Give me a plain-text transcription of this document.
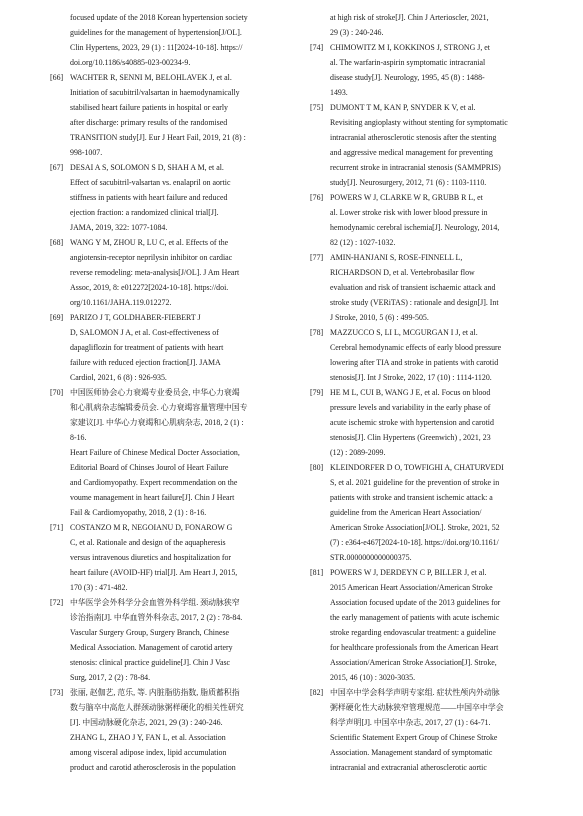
focused update of the 2018 Korean hypertension society
guidelines for the management of hypertension[J/OL].
Clin Hypertens, 2023, 29 (1) : 11[2024-10-18]. https://
doi.org/10.1186/s40885-023-00234-9.
[66] WACHTER R, SENNI M, BELOHLAVEK J, et al.
Initiation of sacubitril/valsartan in haemodynamically
stabilised heart failure patients in hospital or early
after discharge: primary results of the randomised
TRANSITION study[J]. Eur J Heart Fail, 2019, 21 (8) :
998-1007.
[67] DESAI A S, SOLOMON S D, SHAH A M, et al.
Effect of sacubitril-valsartan vs. enalapril on aortic
stiffness in patients with heart failure and reduced
ejection fraction: a randomized clinical trial[J].
JAMA, 2019, 322: 1077-1084.
[68] WANG Y M, ZHOU R, LU C, et al. Effects of the
angiotensin-receptor neprilysin inhibitor on cardiac
reverse remodeling: meta-analysis[J/OL]. J Am Heart
Assoc, 2019, 8: e012272[2024-10-18]. https://doi.
org/10.1161/JAHA.119.012272.
[69] PARIZO J T, GOLDHABER-FIEBERT J
D, SALOMON J A, et al. Cost-effectiveness of
dapagliflozin for treatment of patients with heart
failure with reduced ejection fraction[J]. JAMA
Cardiol, 2021, 6 (8) : 926-935.
[70] 中国医师协会心力衰竭专业委员会, 中华心力衰竭
和心肌病杂志编辑委员会. 心力衰竭容量管理中国专
家建议[J]. 中华心力衰竭和心肌病杂志, 2018, 2 (1) :
8-16.
Heart Failure of Chinese Medical Docter Association,
Editorial Board of Chinses Jourol of Heart Failure
and Cardiomyopathy. Expert recommendation on the
voume management in heart failure[J]. Chin J Heart
Fail & Cardiomyopathy, 2018, 2 (1) : 8-16.
[71] COSTANZO M R, NEGOIANU D, FONAROW G
C, et al. Rationale and design of the aquapheresis
versus intravenous diuretics and hospitalization for
heart failure (AVOID-HF) trial[J]. Am Heart J, 2015,
170 (3) : 471-482.
[72] 中华医学会外科学分会血管外科学组. 颈动脉狭窄
诊治指南[J]. 中华血管外科杂志, 2017, 2 (2) : 78-84.
Vascular Surgery Group, Surgery Branch, Chinese
Medical Association. Management of carotid artery
stenosis: clinical practice guideline[J]. Chin J Vasc
Surg, 2017, 2 (2) : 78-84.
[73] 张丽, 赵伽艺, 范乐, 等. 内脏脂肪指数, 脂质蓄积指
数与脑卒中高危人群颈动脉粥样硬化的相关性研究
[J]. 中国动脉硬化杂志, 2021, 29 (3) : 240-246.
ZHANG L, ZHAO J Y, FAN L, et al. Association
among visceral adipose index, lipid accumulation
product and carotid atherosclerosis in the population
at high risk of stroke[J]. Chin J Arterioscler, 2021,
29 (3) : 240-246.
[74] CHIMOWITZ M I, KOKKINOS J, STRONG J, et
al. The warfarin-aspirin symptomatic intracranial
disease study[J]. Neurology, 1995, 45 (8) : 1488-
1493.
[75] DUMONT T M, KAN P, SNYDER K V, et al.
Revisiting angioplasty without stenting for symptomatic
intracranial atherosclerotic stenosis after the stenting
and aggressive medical management for preventing
recurrent stroke in intracranial stenosis (SAMMPRIS)
study[J]. Neurosurgery, 2012, 71 (6) : 1103-1110.
[76] POWERS W J, CLARKE W R, GRUBB R L, et
al. Lower stroke risk with lower blood pressure in
hemodynamic cerebral ischemia[J]. Neurology, 2014,
82 (12) : 1027-1032.
[77] AMIN-HANJANI S, ROSE-FINNELL L,
RICHARDSON D, et al. Vertebrobasilar flow
evaluation and risk of transient ischaemic attack and
stroke study (VERiTAS) : rationale and design[J]. Int
J Stroke, 2010, 5 (6) : 499-505.
[78] MAZZUCCO S, LI L, MCGURGAN I J, et al.
Cerebral hemodynamic effects of early blood pressure
lowering after TIA and stroke in patients with carotid
stenosis[J]. Int J Stroke, 2022, 17 (10) : 1114-1120.
[79] HE M L, CUI B, WANG J E, et al. Focus on blood
pressure levels and variability in the early phase of
acute ischemic stroke with hypertension and carotid
stenosis[J]. Clin Hypertens (Greenwich) , 2021, 23
(12) : 2089-2099.
[80] KLEINDORFER D O, TOWFIGHI A, CHATURVEDI
S, et al. 2021 guideline for the prevention of stroke in
patients with stroke and transient ischemic attack: a
guideline from the American Heart Association/
American Stroke Association[J/OL]. Stroke, 2021, 52
(7) : e364-e467[2024-10-18]. https://doi.org/10.1161/
STR.0000000000000375.
[81] POWERS W J, DERDEYN C P, BILLER J, et al.
2015 American Heart Association/American Stroke
Association focused update of the 2013 guidelines for
the early management of patients with acute ischemic
stroke regarding endovascular treatment: a guideline
for healthcare professionals from the American Heart
Association/American Stroke Association[J]. Stroke,
2015, 46 (10) : 3020-3035.
[82] 中国卒中学会科学声明专家组. 症状性颅内外动脉
粥样硬化性大动脉狭窄管理规范——中国卒中学会
科学声明[J]. 中国卒中杂志, 2017, 27 (1) : 64-71.
Scientific Statement Expert Group of Chinese Stroke
Association. Management standard of symptomatic
intracranial and extracranial atherosclerotic aortic
